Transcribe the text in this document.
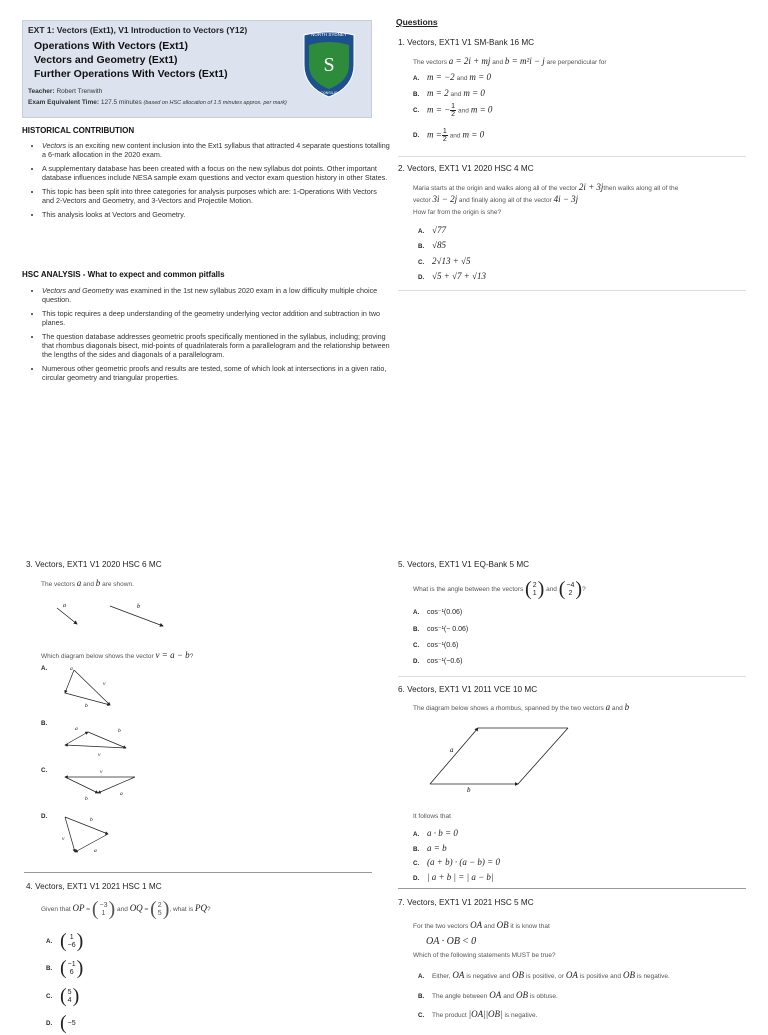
EXT 1: Vectors (Ext1), V1 Introduction to Vectors (Y12)
Operations With Vectors (Ext1)
Vectors and Geometry (Ext1)
Further Operations With Vectors (Ext1)
Teacher: Robert Trenwith
Exam Equivalent Time: 127.5 minutes (based on HSC allocation of 1.5 minutes approx. per mark)
NORTH SYDNEY
S
CONSILIO
HISTORICAL CONTRIBUTION
• Vectors is an exciting new content inclusion into the Ext1 syllabus that attracted 4 separate questions totalling a 6-mark allocation in the 2020 exam.
• A supplementary database has been created with a focus on the new syllabus dot points. Other important database influences include NESA sample exam questions and vector exam question history in other States.
• This topic has been split into three categories for analysis purposes which are: 1-Operations With Vectors and 2-Vectors and Geometry, and 3-Vectors and Projectile Motion.
• This analysis looks at Vectors and Geometry.
HSC ANALYSIS - What to expect and common pitfalls
• Vectors and Geometry was examined in the 1st new syllabus 2020 exam in a low difficulty multiple choice question.
• This topic requires a deep understanding of the geometry underlying vector addition and subtraction in two planes.
• The question database addresses geometric proofs specifically mentioned in the syllabus, including; proving that rhombus diagonals bisect, mid-points of quadrilaterals form a parallelogram and the relationship between the lengths of the sides and diagonals of a parallelogram.
• Numerous other geometric proofs and results are tested, some of which look at intersections in a given ratio, circular geometry and triangular properties.
Questions
1. Vectors, EXT1 V1 SM-Bank 16 MC
The vectors a = 2i + mj and b = m²i − j are perpendicular for
A. m = −2 and m = 0
B. m = 2 and m = 0
C. m = − $\frac{1}{2}$ and m = 0
D. $m = \frac{1}{2}$ and m = 0
2. Vectors, EXT1 V1 2020 HSC 4 MC
Maria starts at the origin and walks along all of the vector 2i + 3jthen walks along all of the
vector 3i − 2j and finally along all of the vector 4i − 3j
How far from the origin is she?
A. √77
B. √85
C. 2√13 + √5
D. √5 + √7 + √13
3. Vectors, EXT1 V1 2020 HSC 6 MC
The vectors a and b are shown.
a	b
Which diagram below shows the vector v = a − b?
A.	a
v
b
B.
a	b
v
C.	v
b
a
D.	b
v
a
4. Vectors, EXT1 V1 2021 HSC 1 MC
Given that OP = ( −3
1 ) and OQ = ( 2
5 ), what is PQ?
A. ( 1
−6 )
B. ( −1
6 )
C. ( 5
4 )
D. ( −5
5. Vectors, EXT1 V1 EQ-Bank 5 MC
What is the angle between the vectors ( 2
1 ) and ( −4
2 )?
A. cos⁻¹(0.06)
B. cos⁻¹(− 0.06)
C. cos⁻¹(0.6)
D. cos⁻¹(−0.6)
6. Vectors, EXT1 V1 2011 VCE 10 MC
The diagram below shows a rhombus, spanned by the two vectors a and b
a
b
It follows that
A. a · b = 0
B. a = b
C. (a + b) · (a − b) = 0
D. | a + b | = | a − b|
7. Vectors, EXT1 V1 2021 HSC 5 MC
For the two vectors OA and OB it is know that
OA · OB < 0
Which of the following statements MUST be true?
A. Either, OA is negative and OB is positive, or OA is positive and OB is negative.
B. The angle between OA and OB is obtuse.
C. The product |OA||OB| is negative.
